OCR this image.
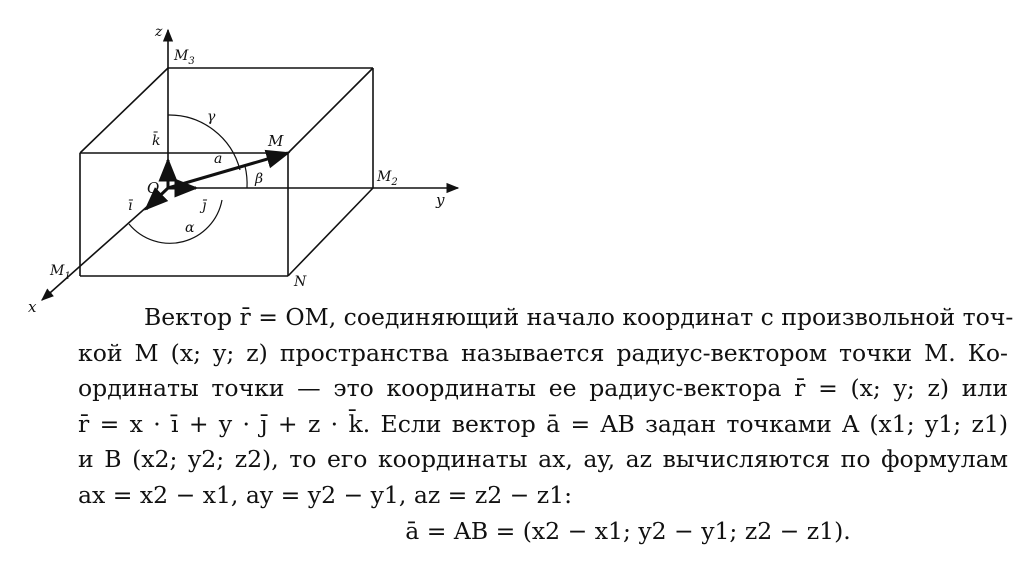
z
y
x
O
$M_3$
$M_2$
$M_1$
M
N
k̄
ā
j̄
ī
γ
β
α
Вектор r̄ = OM, соединяющий начало координат с произвольной точ-
кой M (x; y; z) пространства называется радиус-вектором точки M. Ко-
ординаты точки — это координаты ее радиус-вектора r̄ = (x; y; z) или
r̄ = x · ī + y · j̄ + z · k̄. Если вектор ā = AB задан точками A (x1; y1; z1)
и B (x2; y2; z2), то его координаты ax, ay, az вычисляются по формулам
ax = x2 − x1, ay = y2 − y1, az = z2 − z1:
ā = AB = (x2 − x1; y2 − y1; z2 − z1).
